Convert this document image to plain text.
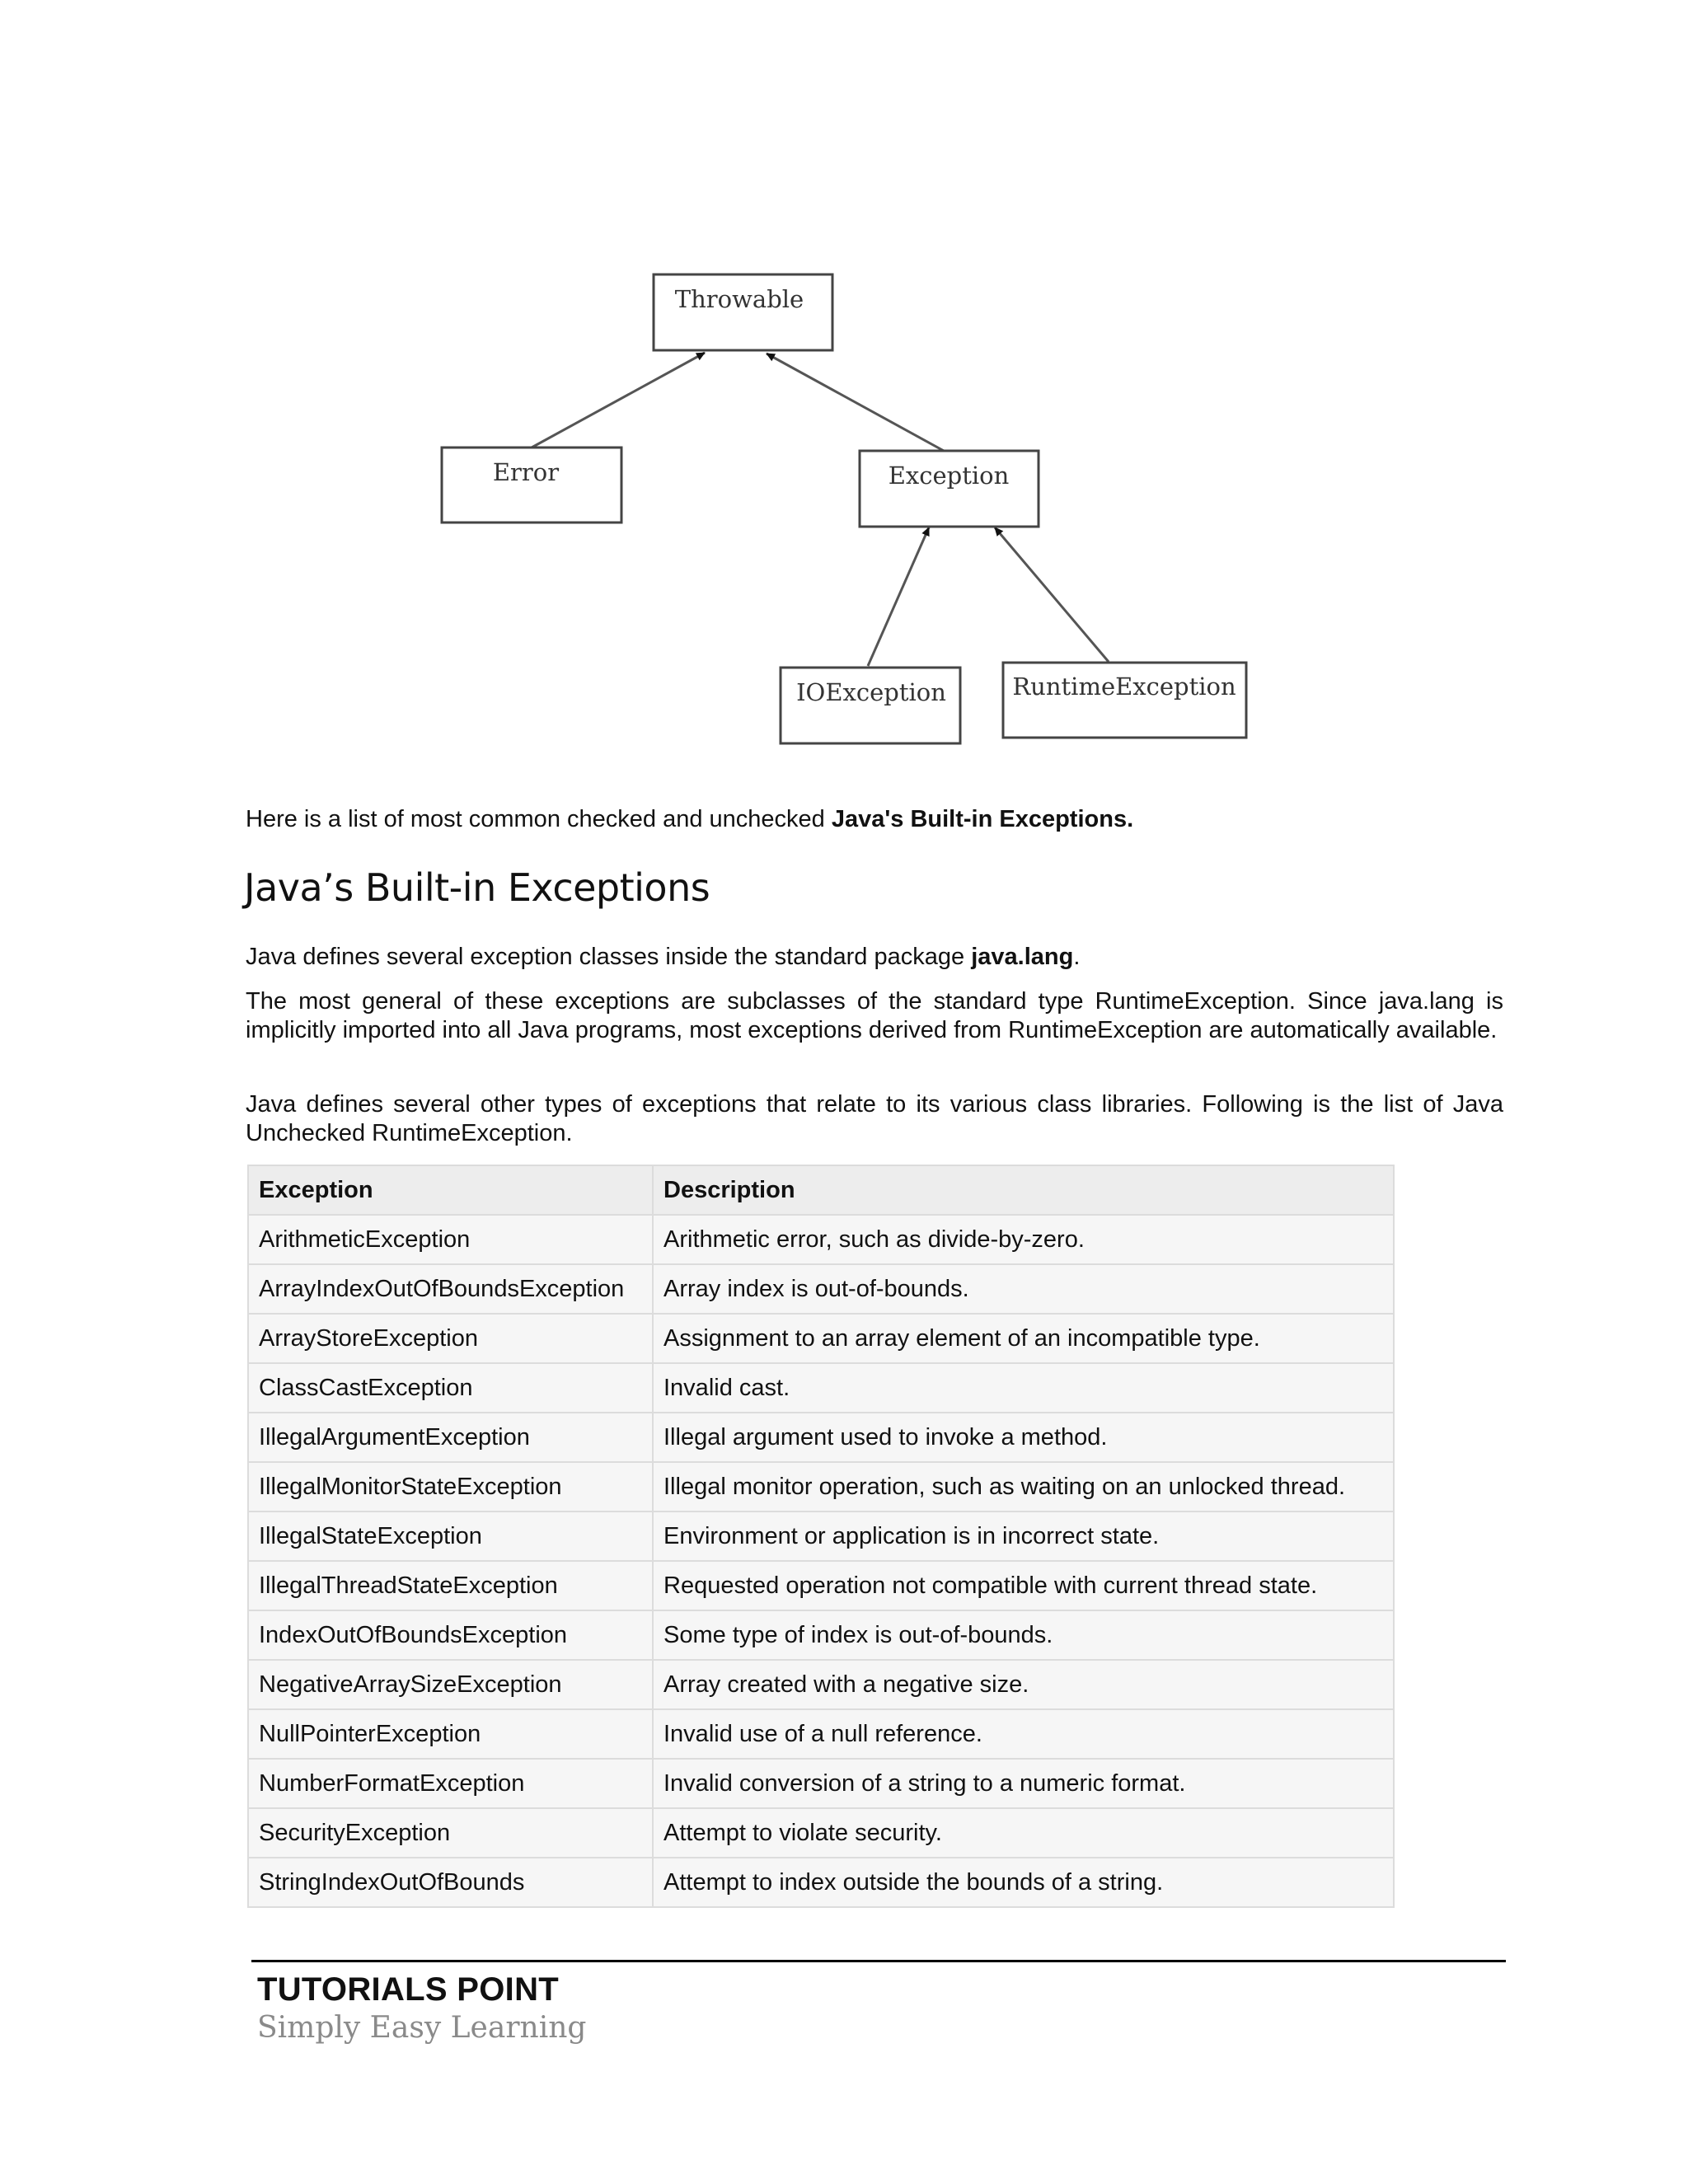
Throwable
Error	Exception
IOException	RuntimeException

Here is a list of most common checked and unchecked Java's Built-in Exceptions.

Java’s Built-in Exceptions

Java defines several exception classes inside the standard package java.lang.

The most general of these exceptions are subclasses of the standard type RuntimeException. Since java.lang is implicitly imported into all Java programs, most exceptions derived from RuntimeException are automatically available.

Java defines several other types of exceptions that relate to its various class libraries. Following is the list of Java Unchecked RuntimeException.

Exception	Description
ArithmeticException	Arithmetic error, such as divide-by-zero.
ArrayIndexOutOfBoundsException	Array index is out-of-bounds.
ArrayStoreException	Assignment to an array element of an incompatible type.
ClassCastException	Invalid cast.
IllegalArgumentException	Illegal argument used to invoke a method.
IllegalMonitorStateException	Illegal monitor operation, such as waiting on an unlocked thread.
IllegalStateException	Environment or application is in incorrect state.
IllegalThreadStateException	Requested operation not compatible with current thread state.
IndexOutOfBoundsException	Some type of index is out-of-bounds.
NegativeArraySizeException	Array created with a negative size.
NullPointerException	Invalid use of a null reference.
NumberFormatException	Invalid conversion of a string to a numeric format.
SecurityException	Attempt to violate security.
StringIndexOutOfBounds	Attempt to index outside the bounds of a string.

TUTORIALS POINT

Simply Easy Learning
